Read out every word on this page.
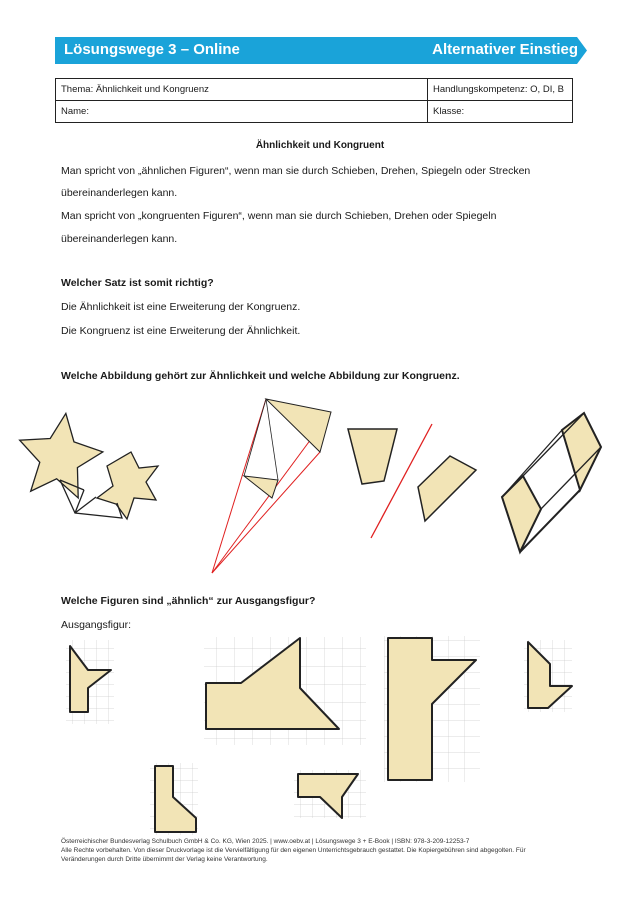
Lösungswege 3 – Online	Alternativer Einstieg
Thema: Ähnlichkeit und Kongruenz	Handlungskompetenz: O, DI, B
Name:	Klasse:
Ähnlichkeit und Kongruent
Man spricht von „ähnlichen Figuren“, wenn man sie durch Schieben, Drehen, Spiegeln oder Strecken
übereinanderlegen kann.
Man spricht von „kongruenten Figuren“, wenn man sie durch Schieben, Drehen oder Spiegeln
übereinanderlegen kann.
Welcher Satz ist somit richtig?
Die Ähnlichkeit ist eine Erweiterung der Kongruenz.
Die Kongruenz ist eine Erweiterung der Ähnlichkeit.
Welche Abbildung gehört zur Ähnlichkeit und welche Abbildung zur Kongruenz.
Welche Figuren sind „ähnlich“ zur Ausgangsfigur?
Ausgangsfigur:
Österreichischer Bundesverlag Schulbuch GmbH & Co. KG, Wien 2025. | www.oebv.at | Lösungswege 3 + E-Book | ISBN: 978-3-209-12253-7
Alle Rechte vorbehalten. Von dieser Druckvorlage ist die Vervielfältigung für den eigenen Unterrichtsgebrauch gestattet. Die Kopiergebühren sind abgegolten. Für
Veränderungen durch Dritte übernimmt der Verlag keine Verantwortung.
